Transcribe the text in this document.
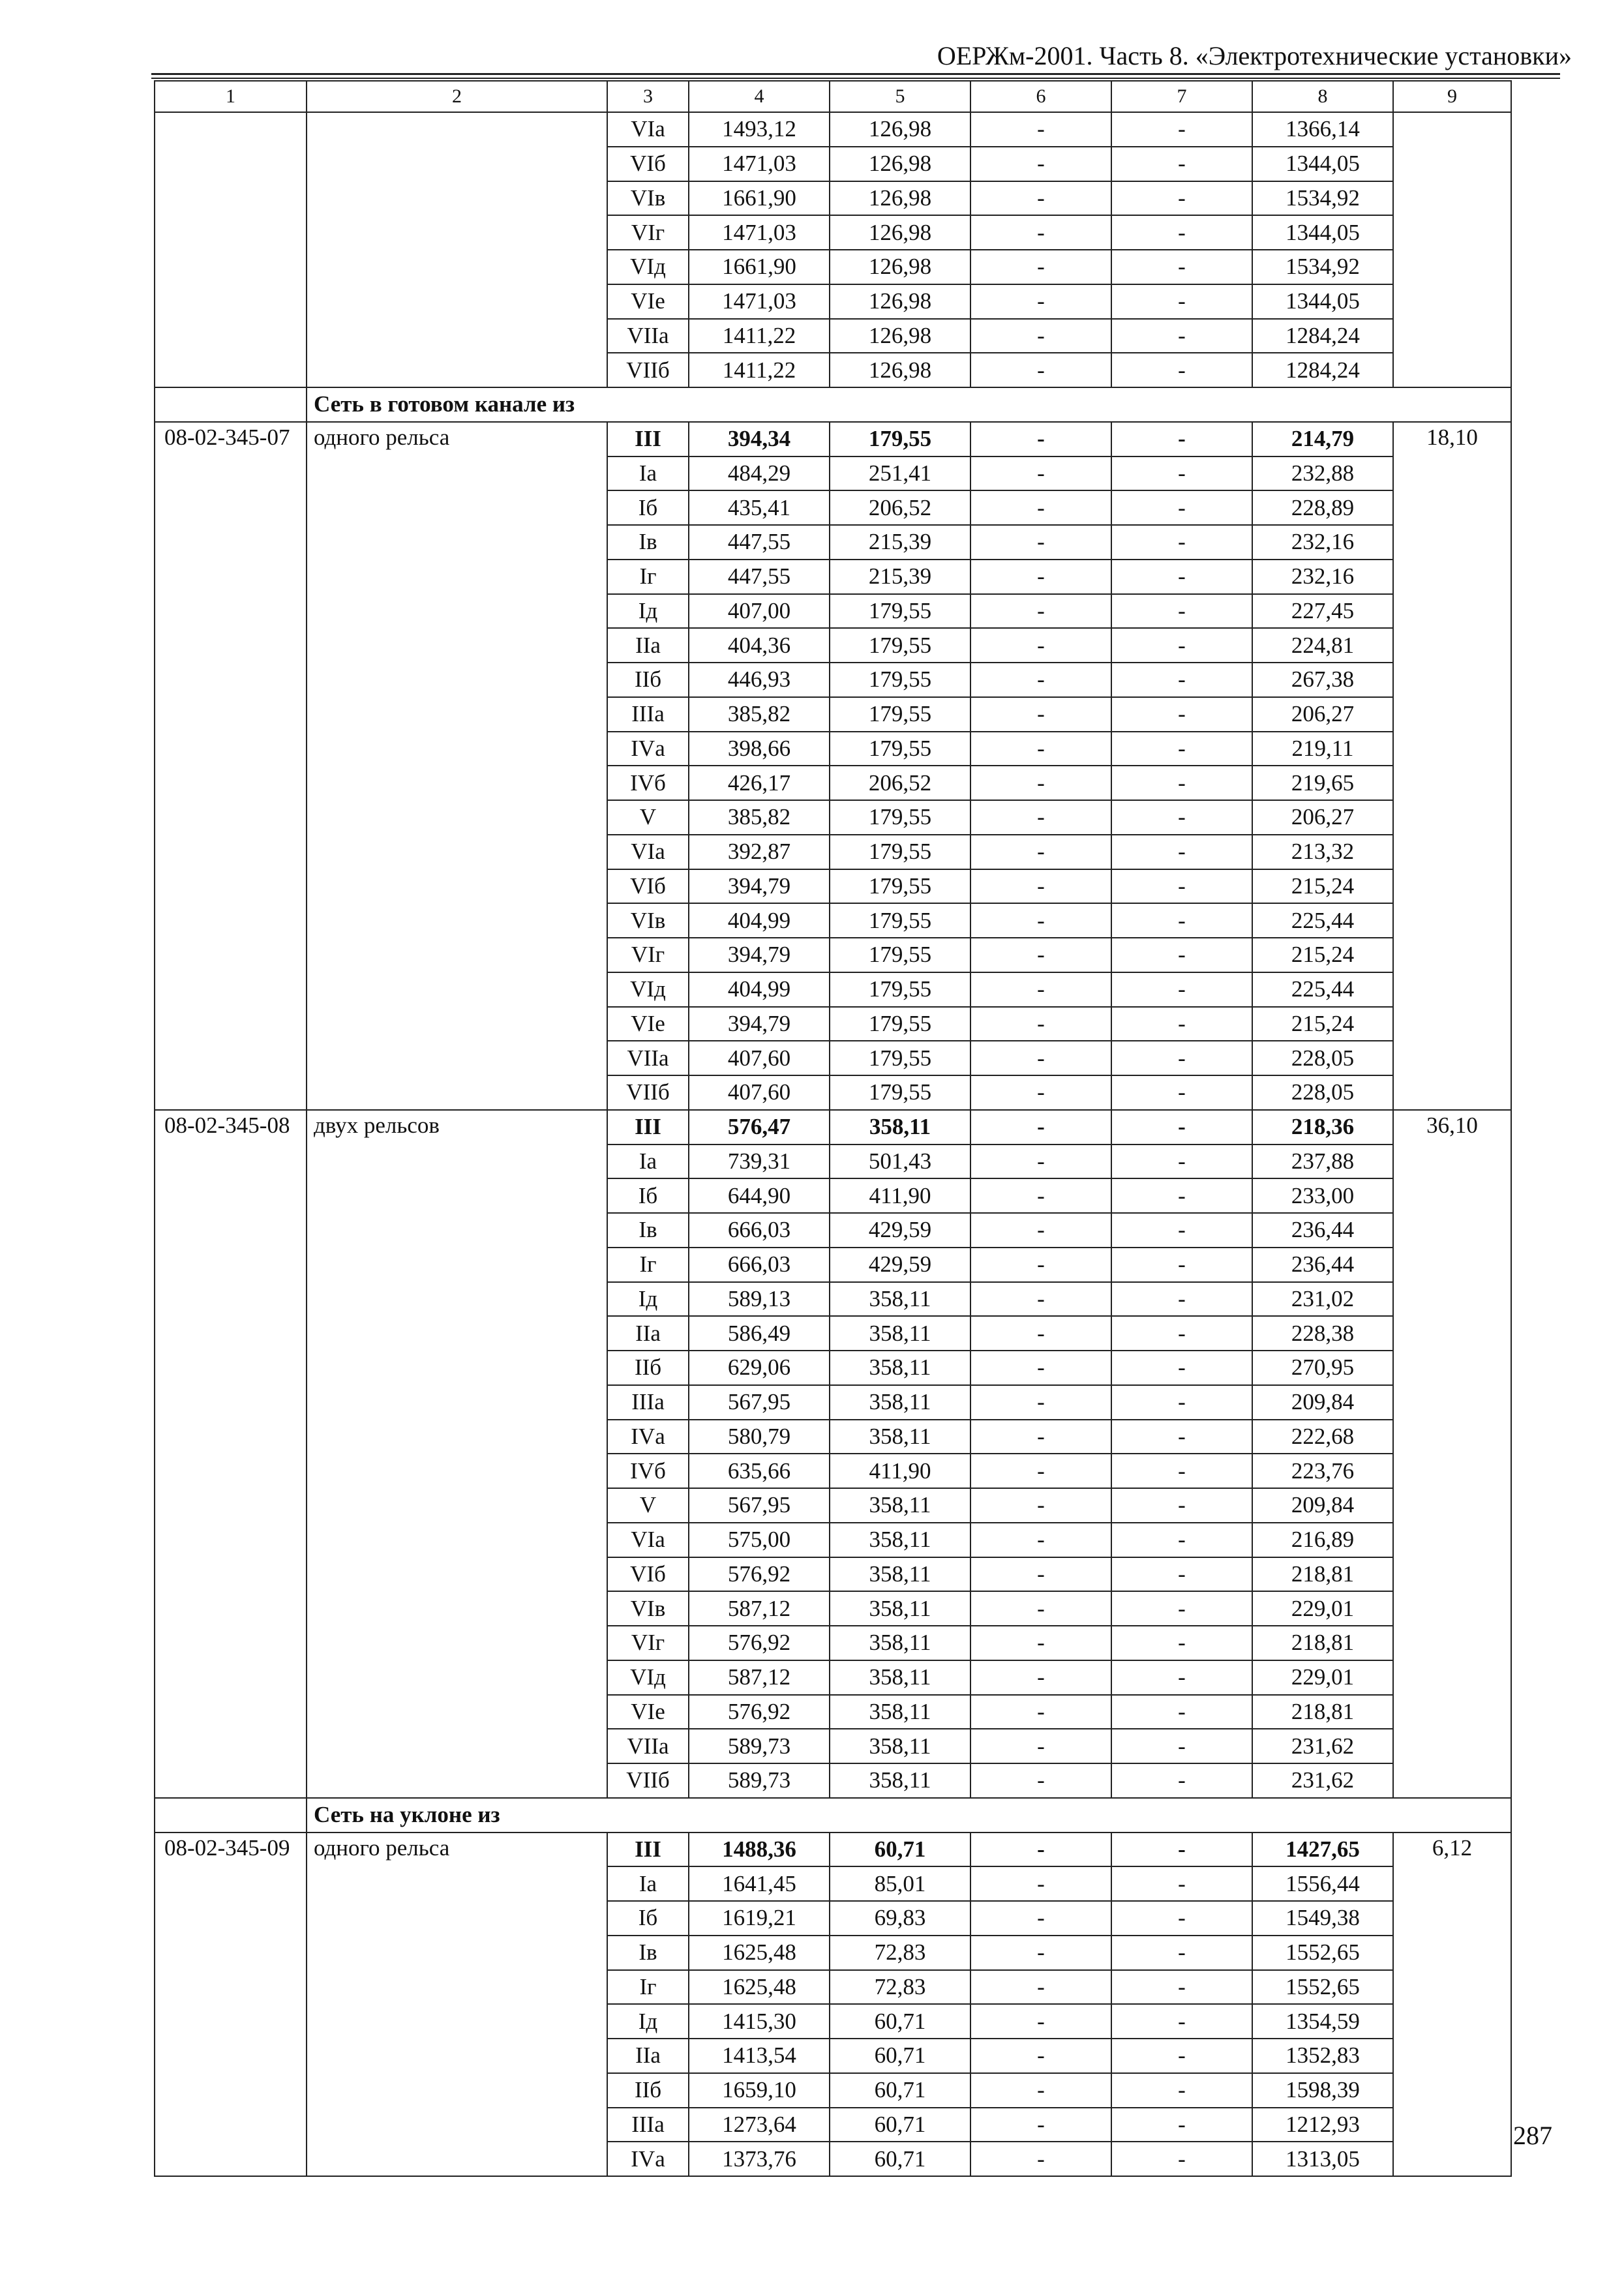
ОЕРЖм-2001. Часть 8. «Электротехнические установки»
1	2	3	4	5	6	7	8	9
		VIа	1493,12	126,98	-	-	1366,14	
		VIб	1471,03	126,98	-	-	1344,05	
		VIв	1661,90	126,98	-	-	1534,92	
		VIг	1471,03	126,98	-	-	1344,05	
		VIд	1661,90	126,98	-	-	1534,92	
		VIе	1471,03	126,98	-	-	1344,05	
		VIIа	1411,22	126,98	-	-	1284,24	
		VIIб	1411,22	126,98	-	-	1284,24	
	Сеть в готовом канале из							
08-02-345-07	одного рельса	III	394,34	179,55	-	-	214,79	18,10
		Iа	484,29	251,41	-	-	232,88	
		Iб	435,41	206,52	-	-	228,89	
		Iв	447,55	215,39	-	-	232,16	
		Iг	447,55	215,39	-	-	232,16	
		Iд	407,00	179,55	-	-	227,45	
		IIа	404,36	179,55	-	-	224,81	
		IIб	446,93	179,55	-	-	267,38	
		IIIа	385,82	179,55	-	-	206,27	
		IVа	398,66	179,55	-	-	219,11	
		IVб	426,17	206,52	-	-	219,65	
		V	385,82	179,55	-	-	206,27	
		VIа	392,87	179,55	-	-	213,32	
		VIб	394,79	179,55	-	-	215,24	
		VIв	404,99	179,55	-	-	225,44	
		VIг	394,79	179,55	-	-	215,24	
		VIд	404,99	179,55	-	-	225,44	
		VIе	394,79	179,55	-	-	215,24	
		VIIа	407,60	179,55	-	-	228,05	
		VIIб	407,60	179,55	-	-	228,05	
08-02-345-08	двух рельсов	III	576,47	358,11	-	-	218,36	36,10
		Iа	739,31	501,43	-	-	237,88	
		Iб	644,90	411,90	-	-	233,00	
		Iв	666,03	429,59	-	-	236,44	
		Iг	666,03	429,59	-	-	236,44	
		Iд	589,13	358,11	-	-	231,02	
		IIа	586,49	358,11	-	-	228,38	
		IIб	629,06	358,11	-	-	270,95	
		IIIа	567,95	358,11	-	-	209,84	
		IVа	580,79	358,11	-	-	222,68	
		IVб	635,66	411,90	-	-	223,76	
		V	567,95	358,11	-	-	209,84	
		VIа	575,00	358,11	-	-	216,89	
		VIб	576,92	358,11	-	-	218,81	
		VIв	587,12	358,11	-	-	229,01	
		VIг	576,92	358,11	-	-	218,81	
		VIд	587,12	358,11	-	-	229,01	
		VIе	576,92	358,11	-	-	218,81	
		VIIа	589,73	358,11	-	-	231,62	
		VIIб	589,73	358,11	-	-	231,62	
	Сеть на уклоне из							
08-02-345-09	одного рельса	III	1488,36	60,71	-	-	1427,65	6,12
		Iа	1641,45	85,01	-	-	1556,44	
		Iб	1619,21	69,83	-	-	1549,38	
		Iв	1625,48	72,83	-	-	1552,65	
		Iг	1625,48	72,83	-	-	1552,65	
		Iд	1415,30	60,71	-	-	1354,59	
		IIа	1413,54	60,71	-	-	1352,83	
		IIб	1659,10	60,71	-	-	1598,39	
		IIIа	1273,64	60,71	-	-	1212,93	
		IVа	1373,76	60,71	-	-	1313,05	
287
